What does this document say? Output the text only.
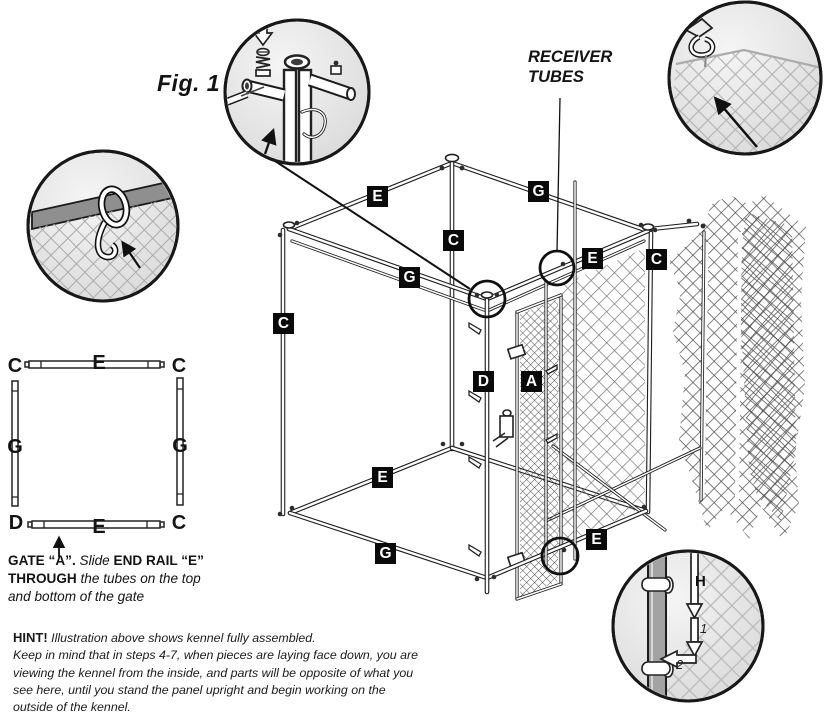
Fig. 1
RECEIVER TUBES
E	G
C
G
E	C
C
D	A
E
G
E
C	E	C
G	G
D	E	C
H
1
2
GATE “A”. Slide END RAIL “E” THROUGH the tubes on the top and bottom of the gate
HINT! Illustration above shows kennel fully assembled.
Keep in mind that in steps 4-7, when pieces are laying face down, you are viewing the kennel from the inside, and parts will be opposite of what you see here, until you stand the panel upright and begin working on the outside of the kennel.
